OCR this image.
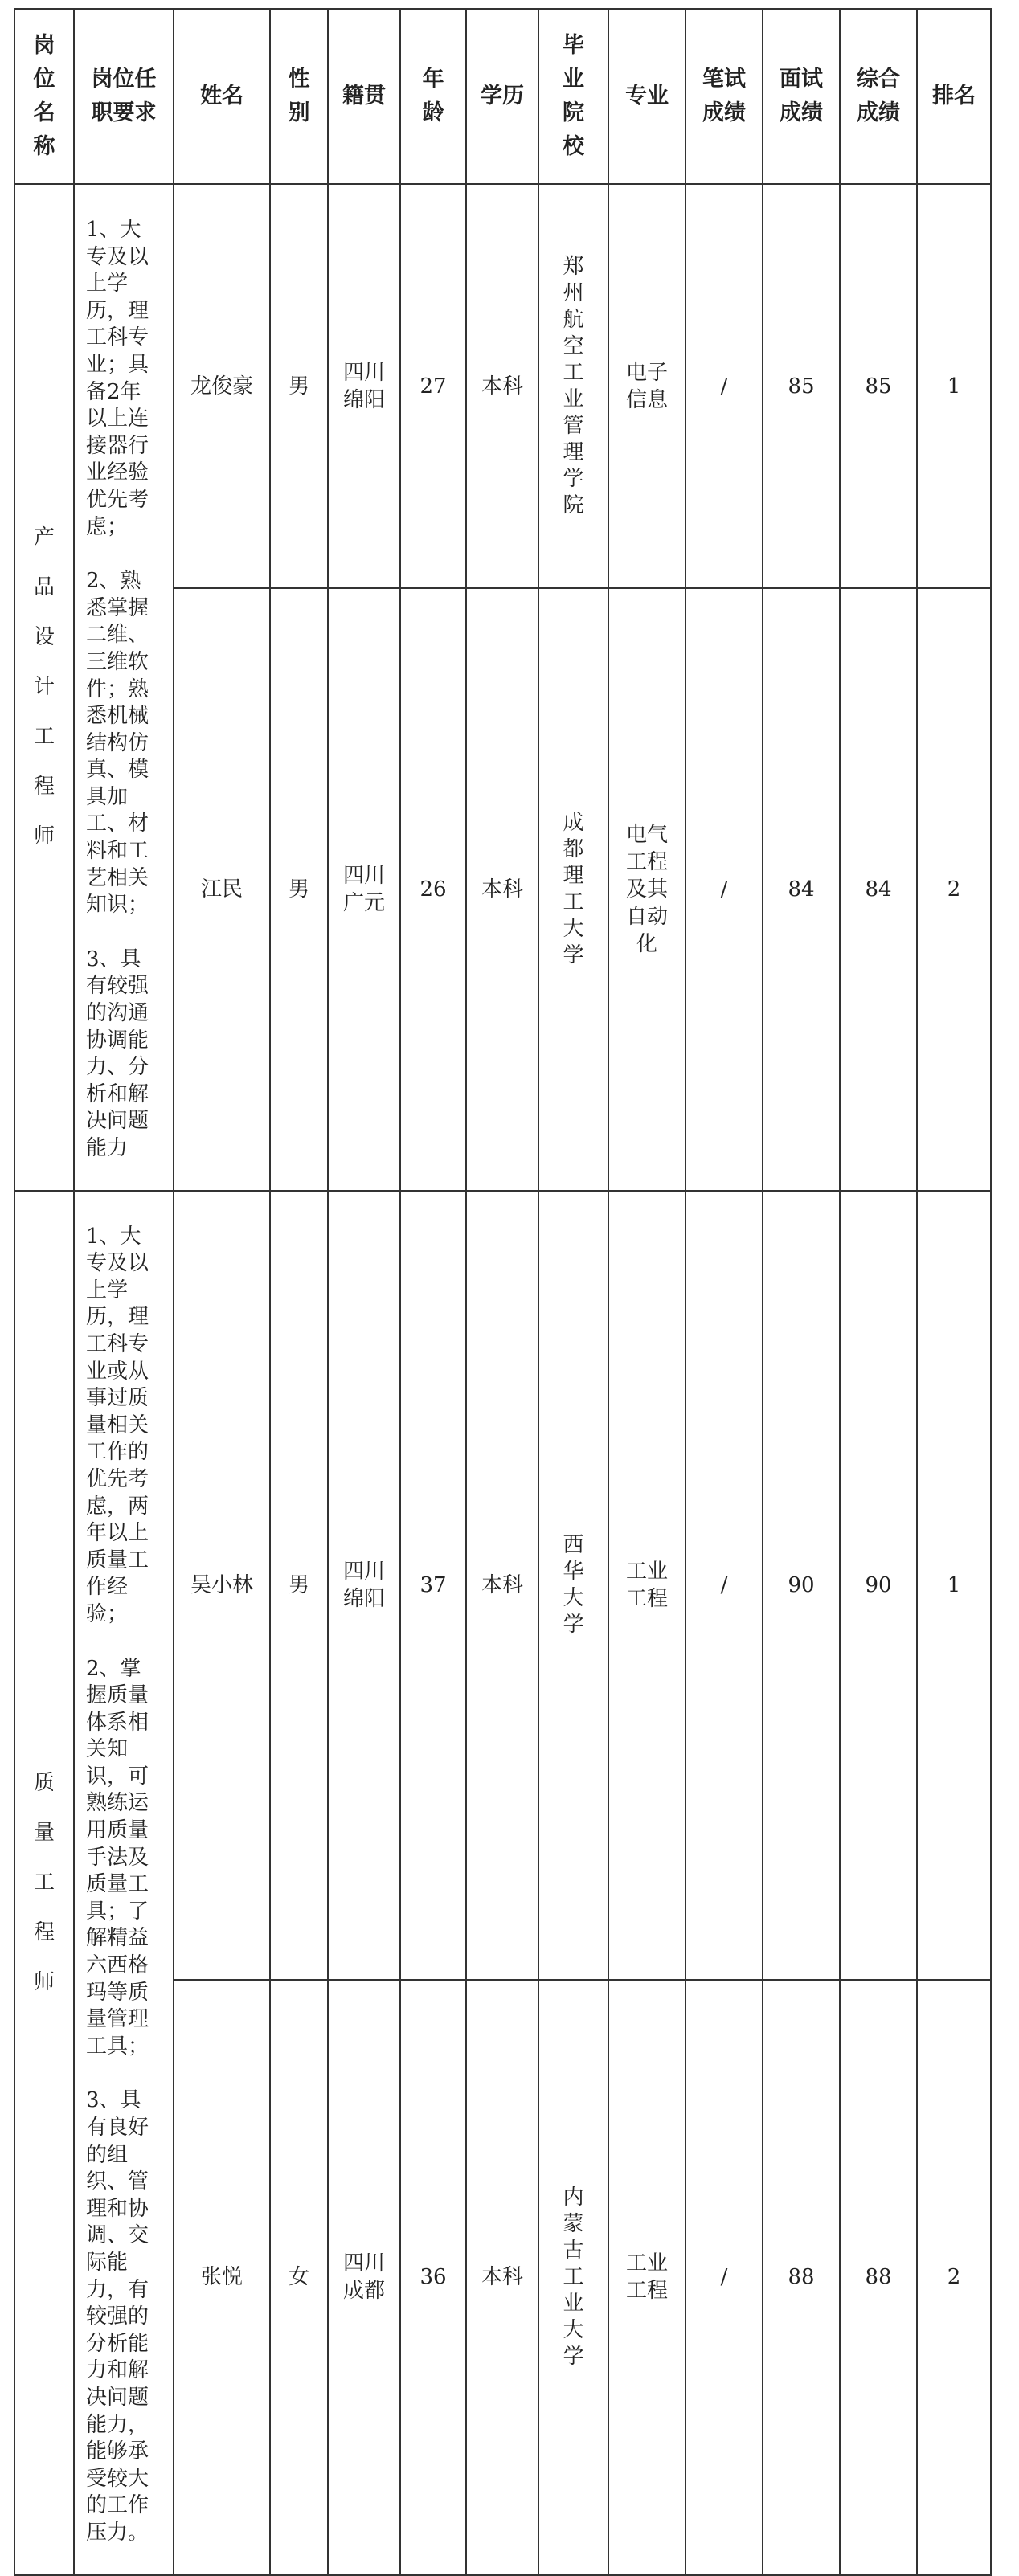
岗位名称	岗位任职要求	姓名	性别	籍贯	年龄	学历	毕业院校	专业	笔试成绩	面试成绩	综合成绩	排名
产品设计工程师	1、大专及以上学历，理工科专业；具备2年以上连接器行业经验优先考虑；

2、熟悉掌握二维、三维软件；熟悉机械结构仿真、模具加工、材料和工艺相关知识；

3、具有较强的沟通协调能力、分析和解决问题能力	龙俊豪	男	四川绵阳	27	本科	郑州航空工业管理学院	电子信息	/	85	85	1
		江民	男	四川广元	26	本科	成都理工大学	电气工程及其自动化	/	84	84	2
质量工程师	1、大专及以上学历，理工科专业或从事过质量相关工作的优先考虑，两年以上质量工作经验；

2、掌握质量体系相关知识，可熟练运用质量手法及质量工具；了解精益六西格玛等质量管理工具；

3、具有良好的组织、管理和协调、交际能力，有较强的分析能力和解决问题能力，能够承受较大的工作压力。	吴小林	男	四川绵阳	37	本科	西华大学	工业工程	/	90	90	1
		张悦	女	四川成都	36	本科	内蒙古工业大学	工业工程	/	88	88	2
